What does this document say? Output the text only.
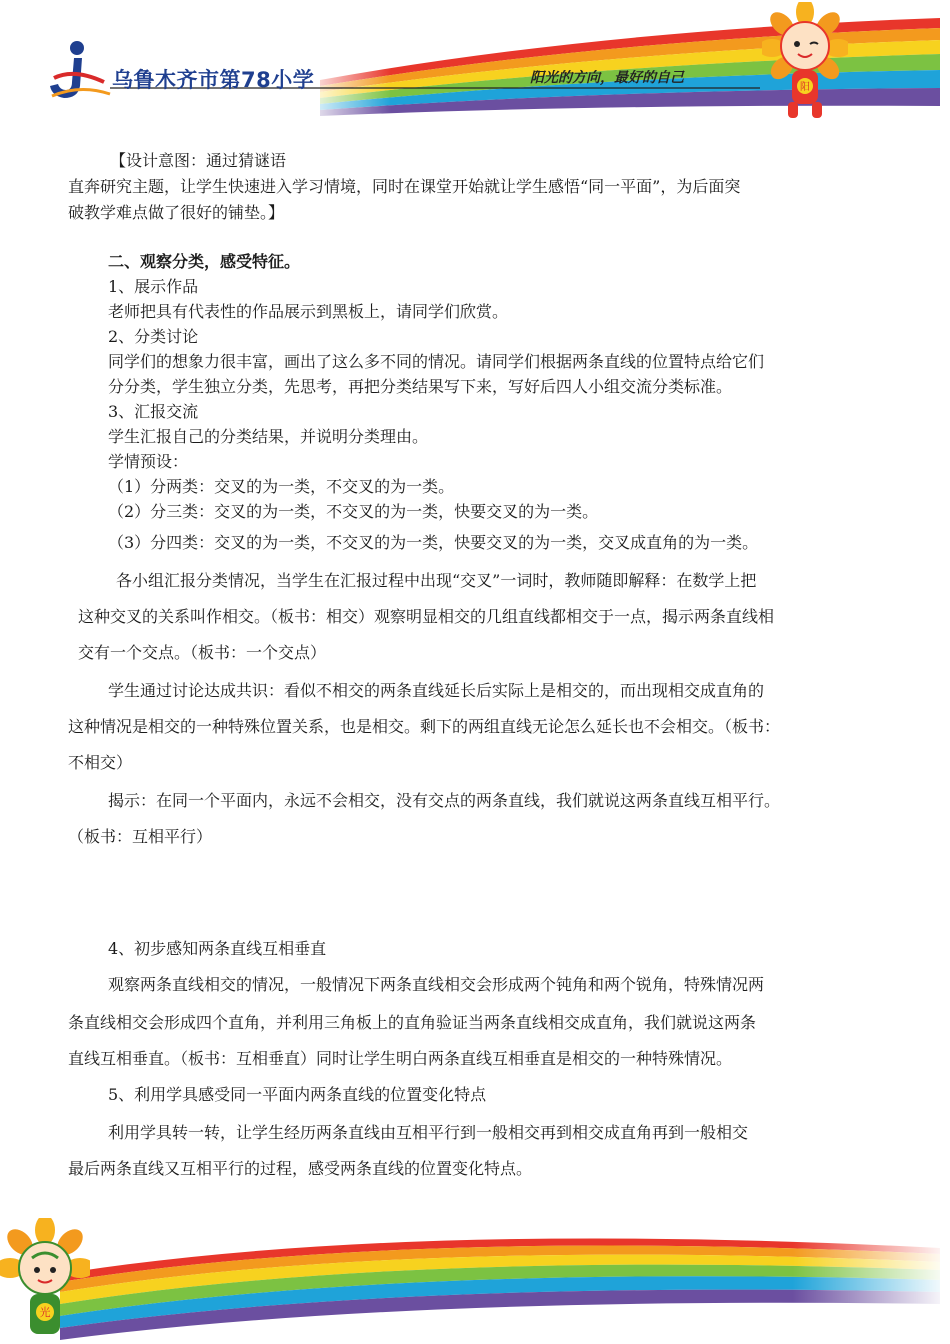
乌鲁木齐市第78小学	阳光的方向，最好的自己
阳
【设计意图：通过猜谜语
直奔研究主题，让学生快速进入学习情境，同时在课堂开始就让学生感悟“同一平面”，为后面突
破教学难点做了很好的铺垫。】
二、观察分类，感受特征。
1、展示作品
老师把具有代表性的作品展示到黑板上，请同学们欣赏。
2、分类讨论
同学们的想象力很丰富，画出了这么多不同的情况。请同学们根据两条直线的位置特点给它们
分分类，学生独立分类，先思考，再把分类结果写下来，写好后四人小组交流分类标准。
3、汇报交流
学生汇报自己的分类结果，并说明分类理由。
学情预设：
（1）分两类：交叉的为一类，不交叉的为一类。
（2）分三类：交叉的为一类，不交叉的为一类，快要交叉的为一类。
（3）分四类：交叉的为一类，不交叉的为一类，快要交叉的为一类，交叉成直角的为一类。
各小组汇报分类情况，当学生在汇报过程中出现“交叉”一词时，教师随即解释：在数学上把
这种交叉的关系叫作相交。（板书：相交）观察明显相交的几组直线都相交于一点，揭示两条直线相
交有一个交点。（板书：一个交点）
学生通过讨论达成共识：看似不相交的两条直线延长后实际上是相交的，而出现相交成直角的
这种情况是相交的一种特殊位置关系，也是相交。剩下的两组直线无论怎么延长也不会相交。（板书：
不相交）
揭示：在同一个平面内，永远不会相交，没有交点的两条直线，我们就说这两条直线互相平行。
（板书：互相平行）
4、初步感知两条直线互相垂直
观察两条直线相交的情况，一般情况下两条直线相交会形成两个钝角和两个锐角，特殊情况两
条直线相交会形成四个直角，并利用三角板上的直角验证当两条直线相交成直角，我们就说这两条
直线互相垂直。（板书：互相垂直）同时让学生明白两条直线互相垂直是相交的一种特殊情况。
5、利用学具感受同一平面内两条直线的位置变化特点
利用学具转一转，让学生经历两条直线由互相平行到一般相交再到相交成直角再到一般相交
最后两条直线又互相平行的过程，感受两条直线的位置变化特点。
光
